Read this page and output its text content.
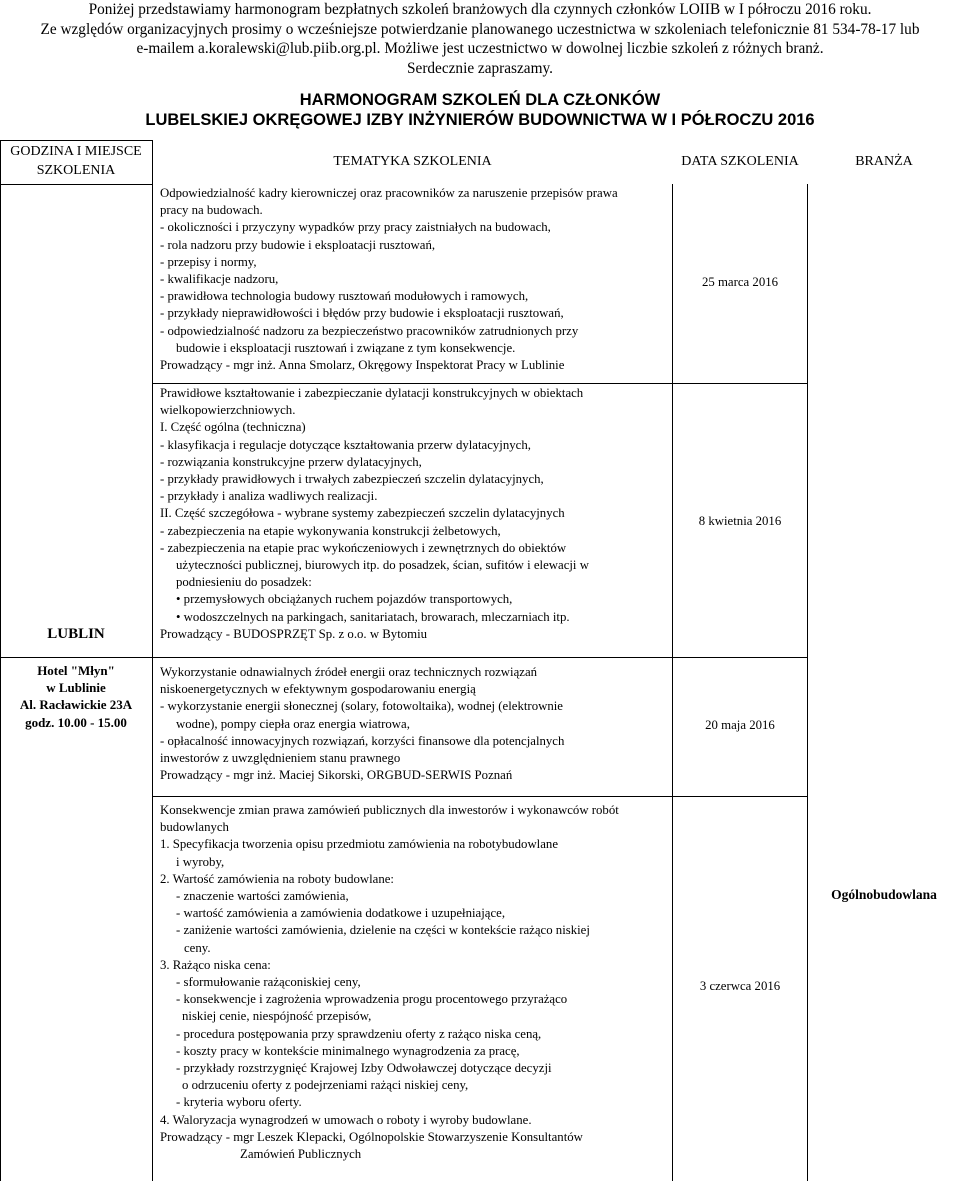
Poniżej przedstawiamy harmonogram bezpłatnych szkoleń branżowych dla czynnych członków LOIIB w I półroczu 2016 roku.
Ze względów organizacyjnych prosimy o wcześniejsze potwierdzanie planowanego uczestnictwa w szkoleniach telefonicznie 81 534-78-17 lub
e-mailem a.koralewski@lub.piib.org.pl. Możliwe jest uczestnictwo w dowolnej liczbie szkoleń z różnych branż.
Serdecznie zapraszamy.
HARMONOGRAM SZKOLEŃ DLA CZŁONKÓW
LUBELSKIEJ OKRĘGOWEJ IZBY INŻYNIERÓW BUDOWNICTWA W I PÓŁROCZU 2016
GODZINA I MIEJSCE
SZKOLENIA
TEMATYKA SZKOLENIA	DATA SZKOLENIA	BRANŻA
LUBLIN
Hotel "Młyn"
w Lublinie
Al. Racławickie 23A
godz. 10.00 - 15.00
Ogólnobudowlana
Odpowiedzialność kadry kierowniczej oraz pracowników za naruszenie przepisów prawa
pracy na budowach.
- okoliczności i przyczyny wypadków przy pracy zaistniałych na budowach,
- rola nadzoru przy budowie i eksploatacji rusztowań,
- przepisy i normy,
- kwalifikacje nadzoru,
- prawidłowa technologia budowy rusztowań modułowych i ramowych,
- przykłady nieprawidłowości i błędów przy budowie i eksploatacji rusztowań,
- odpowiedzialność nadzoru za bezpieczeństwo pracowników zatrudnionych przy
budowie i eksploatacji rusztowań i związane z tym konsekwencje.
Prowadzący - mgr inż. Anna Smolarz, Okręgowy Inspektorat Pracy w Lublinie
25 marca 2016
Prawidłowe kształtowanie i zabezpieczanie dylatacji konstrukcyjnych w obiektach
wielkopowierzchniowych.
I. Część ogólna (techniczna)
- klasyfikacja i regulacje dotyczące kształtowania przerw dylatacyjnych,
- rozwiązania konstrukcyjne przerw dylatacyjnych,
- przykłady prawidłowych i trwałych zabezpieczeń szczelin dylatacyjnych,
- przykłady i analiza wadliwych realizacji.
II. Część szczegółowa - wybrane systemy zabezpieczeń szczelin dylatacyjnych
- zabezpieczenia na etapie wykonywania konstrukcji żelbetowych,
- zabezpieczenia na etapie prac wykończeniowych i zewnętrznych do obiektów
użyteczności publicznej, biurowych itp. do posadzek, ścian, sufitów i elewacji w
podniesieniu do posadzek:
• przemysłowych obciążanych ruchem pojazdów transportowych,
• wodoszczelnych na parkingach, sanitariatach, browarach, mleczarniach itp.
Prowadzący - BUDOSPRZĘT Sp. z o.o. w Bytomiu
8 kwietnia 2016
Wykorzystanie odnawialnych źródeł energii oraz technicznych rozwiązań
niskoenergetycznych w efektywnym gospodarowaniu energią
- wykorzystanie energii słonecznej (solary, fotowoltaika), wodnej (elektrownie
wodne), pompy ciepła oraz energia wiatrowa,
- opłacalność innowacyjnych rozwiązań, korzyści finansowe dla potencjalnych
inwestorów z uwzględnieniem stanu prawnego
Prowadzący - mgr inż. Maciej Sikorski, ORGBUD-SERWIS Poznań
20 maja 2016
Konsekwencje zmian prawa zamówień publicznych dla inwestorów i wykonawców robót
budowlanych
1. Specyfikacja tworzenia opisu przedmiotu zamówienia na robotybudowlane
i wyroby,
2. Wartość zamówienia na roboty budowlane:
- znaczenie wartości zamówienia,
- wartość zamówienia a zamówienia dodatkowe i uzupełniające,
- zaniżenie wartości zamówienia, dzielenie na części w kontekście rażąco niskiej
ceny.
3. Rażąco niska cena:
- sformułowanie rażąconiskiej ceny,
- konsekwencje i zagrożenia wprowadzenia progu procentowego przyrażąco
niskiej cenie, niespójność przepisów,
- procedura postępowania przy sprawdzeniu oferty z rażąco niska ceną,
- koszty pracy w kontekście minimalnego wynagrodzenia za pracę,
- przykłady rozstrzygnięć Krajowej Izby Odwoławczej dotyczące decyzji
o odrzuceniu oferty z podejrzeniami rażąci niskiej ceny,
- kryteria wyboru oferty.
4. Waloryzacja wynagrodzeń w umowach o roboty i wyroby budowlane.
Prowadzący - mgr Leszek Klepacki, Ogólnopolskie Stowarzyszenie Konsultantów
Zamówień Publicznych
3 czerwca 2016
